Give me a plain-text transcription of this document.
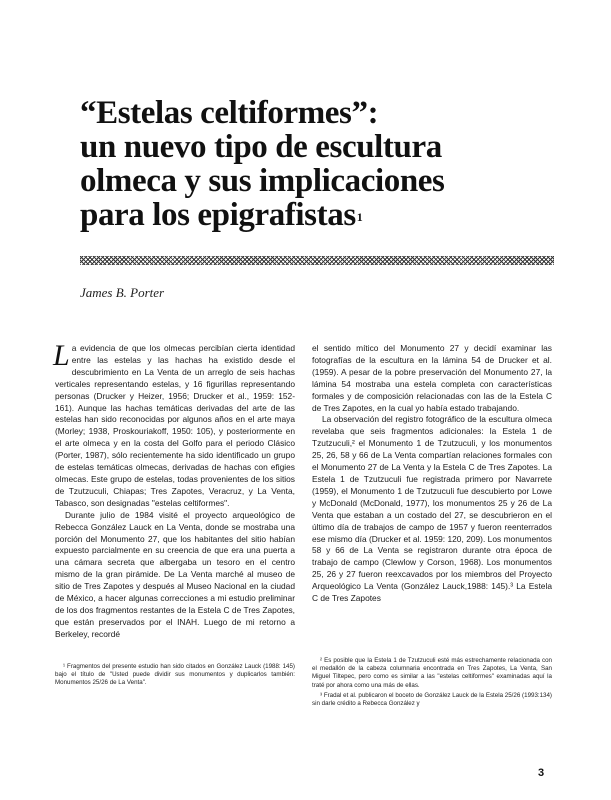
“Estelas celtiformes”:
un nuevo tipo de escultura
olmeca y sus implicaciones
para los epigrafistas$^1$
James B. Porter

La evidencia de que los olmecas percibían cierta identidad entre las estelas y las hachas ha existido desde el descubrimiento en La Venta de un arreglo de seis hachas verticales representando estelas, y 16 figurillas representando personas (Drucker y Heizer, 1956; Drucker et al., 1959: 152-161). Aunque las hachas temáticas derivadas del arte de las estelas han sido reconocidas por algunos años en el arte maya (Morley; 1938, Proskouriakoff, 1950: 105), y posteriormente en el arte olmeca y en la costa del Golfo para el periodo Clásico (Porter, 1987), sólo recientemente ha sido identificado un grupo de estelas temáticas olmecas, derivadas de hachas con efigies olmecas. Este grupo de estelas, todas provenientes de los sitios de Tzutzuculi, Chiapas; Tres Zapotes, Veracruz, y La Venta, Tabasco, son designadas "estelas celtiformes".

Durante julio de 1984 visité el proyecto arqueológico de Rebecca González Lauck en La Venta, donde se mostraba una porción del Monumento 27, que los habitantes del sitio habían expuesto parcialmente en su creencia de que era una puerta a una cámara secreta que albergaba un tesoro en el centro mismo de la gran pirámide. De La Venta marché al museo de sitio de Tres Zapotes y después al Museo Nacional en la ciudad de México, a hacer algunas correcciones a mi estudio preliminar de los dos fragmentos restantes de la Estela C de Tres Zapotes, que están preservados por el INAH. Luego de mi retorno a Berkeley, recordé

el sentido mítico del Monumento 27 y decidí examinar las fotografías de la escultura en la lámina 54 de Drucker et al. (1959). A pesar de la pobre preservación del Monumento 27, la lámina 54 mostraba una estela completa con características formales y de composición relacionadas con las de la Estela C de Tres Zapotes, en la cual yo había estado trabajando.

La observación del registro fotográfico de la escultura olmeca revelaba que seis fragmentos adicionales: la Estela 1 de Tzutzuculi,² el Monumento 1 de Tzutzuculi, y los monumentos 25, 26, 58 y 66 de La Venta compartían relaciones formales con el Monumento 27 de La Venta y la Estela C de Tres Zapotes. La Estela 1 de Tzutzuculi fue registrada primero por Navarrete (1959), el Monumento 1 de Tzutzuculi fue descubierto por Lowe y McDonald (McDonald, 1977), los monumentos 25 y 26 de La Venta que estaban a un costado del 27, se descubrieron en el último día de trabajos de campo de 1957 y fueron reenterrados ese mismo día (Drucker et al. 1959: 120, 209). Los monumentos 58 y 66 de La Venta se registraron durante otra época de trabajo de campo (Clewlow y Corson, 1968). Los monumentos 25, 26 y 27 fueron reexcavados por los miembros del Proyecto Arqueológico La Venta (González Lauck,1988: 145).³ La Estela C de Tres Zapotes

¹ Fragmentos del presente estudio han sido citados en González Lauck (1988: 145) bajo el título de "Usted puede dividir sus monumentos y duplicarlos también: Monumentos 25/26 de La Venta".

² Es posible que la Estela 1 de Tzutzuculi esté más estrechamente relacionada con el medallón de la cabeza columnaria encontrada en Tres Zapotes, La Venta, San Miguel Tiltepec, pero como es similar a las "estelas celtiformes" examinadas aquí la traté por ahora como una más de ellas.

³ Fradal et al. publicaron el boceto de González Lauck de la Estela 25/26 (1993:134) sin darle crédito a Rebecca González y

3
